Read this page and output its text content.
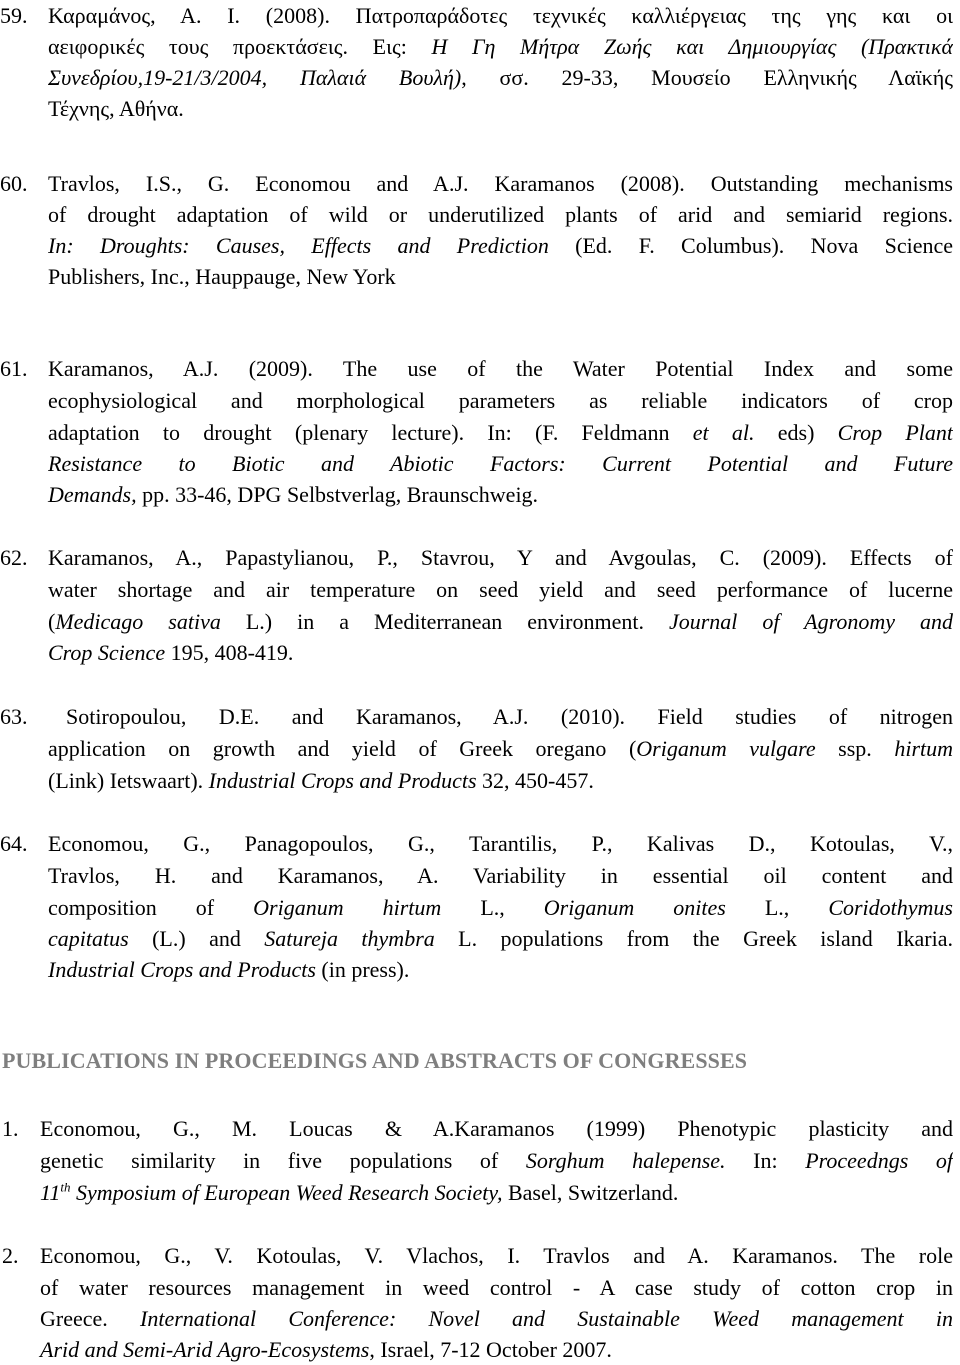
59. Καραμάνος, Α. Ι. (2008). Πατροπαράδοτες τεχνικές καλλιέργειας της γης και οι
αειφορικές τους προεκτάσεις. Εις: Η Γη Μήτρα Ζωής και Δημιουργίας (Πρακτικά
Συνεδρίου,19-21/3/2004, Παλαιά Βουλή), σσ. 29-33, Μουσείο Ελληνικής Λαϊκής
Τέχνης, Αθήνα.
60. Travlos, I.S., G. Economou and A.J. Karamanos (2008). Outstanding mechanisms
of drought adaptation of wild or underutilized plants of arid and semiarid regions.
In: Droughts: Causes, Effects and Prediction (Ed. F. Columbus). Nova Science
Publishers, Inc., Hauppauge, New York
61. Karamanos, A.J. (2009). The use of the Water Potential Index and some
ecophysiological and morphological parameters as reliable indicators of crop
adaptation to drought (plenary lecture). In: (F. Feldmann et al. eds) Crop Plant
Resistance to Biotic and Abiotic Factors: Current Potential and Future
Demands, pp. 33-46, DPG Selbstverlag, Braunschweig.
62. Karamanos, A., Papastylianou, P., Stavrou, Y and Avgoulas, C. (2009). Effects of
water shortage and air temperature on seed yield and seed performance of lucerne
(Medicago sativa L.) in a Mediterranean environment. Journal of Agronomy and
Crop Science 195, 408-419.
63. Sotiropoulou, D.E. and Karamanos, A.J. (2010). Field studies of nitrogen
application on growth and yield of Greek oregano (Origanum vulgare ssp. hirtum
(Link) Ietswaart). Industrial Crops and Products 32, 450-457.
64. Economou, G., Panagopoulos, G., Tarantilis, P., Kalivas D., Kotoulas, V.,
Travlos, H. and Karamanos, A. Variability in essential oil content and
composition of Origanum hirtum L., Origanum onites L., Coridothymus
capitatus (L.) and Satureja thymbra L. populations from the Greek island Ikaria.
Industrial Crops and Products (in press).
PUBLICATIONS IN PROCEEDINGS AND ABSTRACTS OF CONGRESSES
1. Economou, G., M. Loucas & A.Karamanos (1999) Phenotypic plasticity and
genetic similarity in five populations of Sorghum halepense. In: Proceedngs of
11th Symposium of European Weed Research Society, Basel, Switzerland.
2. Economou, G., V. Kotoulas, V. Vlachos, I. Travlos and A. Karamanos. The role
of water resources management in weed control - A case study of cotton crop in
Greece. International Conference: Novel and Sustainable Weed management in
Arid and Semi-Arid Agro-Ecosystems, Israel, 7-12 October 2007.
